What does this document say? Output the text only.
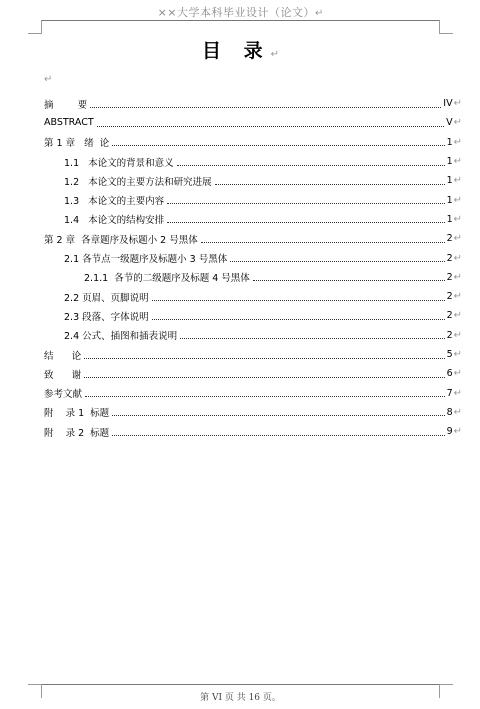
××大学本科毕业设计（论文）↵
目 录↵
↵
摘        要	IV↵
ABSTRACT	V↵
第 1 章   绪  论	1↵
1.1   本论文的背景和意义	1↵
1.2   本论文的主要方法和研究进展	1↵
1.3   本论文的主要内容	1↵
1.4   本论文的结构安排	1↵
第 2 章  各章题序及标题小 2 号黑体	2↵
2.1 各节点一级题序及标题小 3 号黑体	2↵
2.1.1  各节的二级题序及标题 4 号黑体	2↵
2.2 页眉、页脚说明	2↵
2.3 段落、字体说明	2↵
2.4 公式、插图和插表说明	2↵
结      论	5↵
致      谢	6↵
参考文献	7↵
附    录 1  标题	8↵
附    录 2  标题	9↵
第 VI 页 共 16 页。
